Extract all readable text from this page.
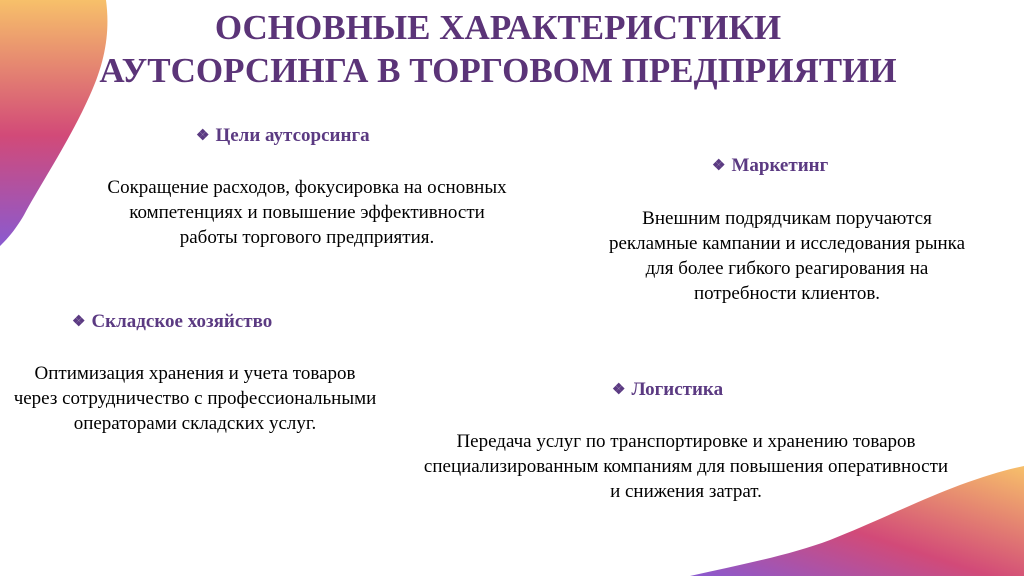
ОСНОВНЫЕ ХАРАКТЕРИСТИКИ
АУТСОРСИНГА В ТОРГОВОМ ПРЕДПРИЯТИИ
❖ Цели аутсорсинга
Сокращение расходов, фокусировка на основных
компетенциях и повышение эффективности
работы торгового предприятия.
❖ Маркетинг
Внешним подрядчикам поручаются
рекламные кампании и исследования рынка
для более гибкого реагирования на
потребности клиентов.
❖ Складское хозяйство
Оптимизация хранения и учета товаров
через сотрудничество с профессиональными
операторами складских услуг.
❖ Логистика
Передача услуг по транспортировке и хранению товаров
специализированным компаниям для повышения оперативности
и снижения затрат.
